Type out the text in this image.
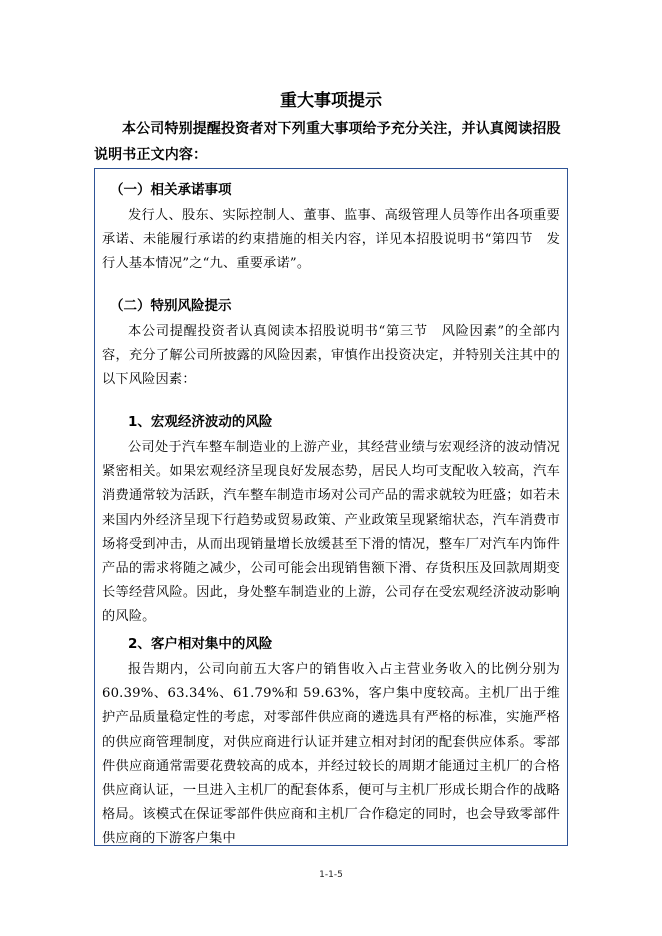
重大事项提示
本公司特别提醒投资者对下列重大事项给予充分关注，并认真阅读招股说明书正文内容：
（一）相关承诺事项
发行人、股东、实际控制人、董事、监事、高级管理人员等作出各项重要承诺、未能履行承诺的约束措施的相关内容，详见本招股说明书“第四节　发行人基本情况”之“九、重要承诺”。
（二）特别风险提示
本公司提醒投资者认真阅读本招股说明书“第三节　风险因素”的全部内容，充分了解公司所披露的风险因素，审慎作出投资决定，并特别关注其中的以下风险因素：
1、宏观经济波动的风险
公司处于汽车整车制造业的上游产业，其经营业绩与宏观经济的波动情况紧密相关。如果宏观经济呈现良好发展态势，居民人均可支配收入较高，汽车消费通常较为活跃，汽车整车制造市场对公司产品的需求就较为旺盛；如若未来国内外经济呈现下行趋势或贸易政策、产业政策呈现紧缩状态，汽车消费市场将受到冲击，从而出现销量增长放缓甚至下滑的情况，整车厂对汽车内饰件产品的需求将随之减少，公司可能会出现销售额下滑、存货积压及回款周期变长等经营风险。因此，身处整车制造业的上游，公司存在受宏观经济波动影响的风险。
2、客户相对集中的风险
报告期内，公司向前五大客户的销售收入占主营业务收入的比例分别为60.39%、63.34%、61.79%和 59.63%，客户集中度较高。主机厂出于维护产品质量稳定性的考虑，对零部件供应商的遴选具有严格的标准，实施严格的供应商管理制度，对供应商进行认证并建立相对封闭的配套供应体系。零部件供应商通常需要花费较高的成本，并经过较长的周期才能通过主机厂的合格供应商认证，一旦进入主机厂的配套体系，便可与主机厂形成长期合作的战略格局。该模式在保证零部件供应商和主机厂合作稳定的同时，也会导致零部件供应商的下游客户集中
1-1-5
